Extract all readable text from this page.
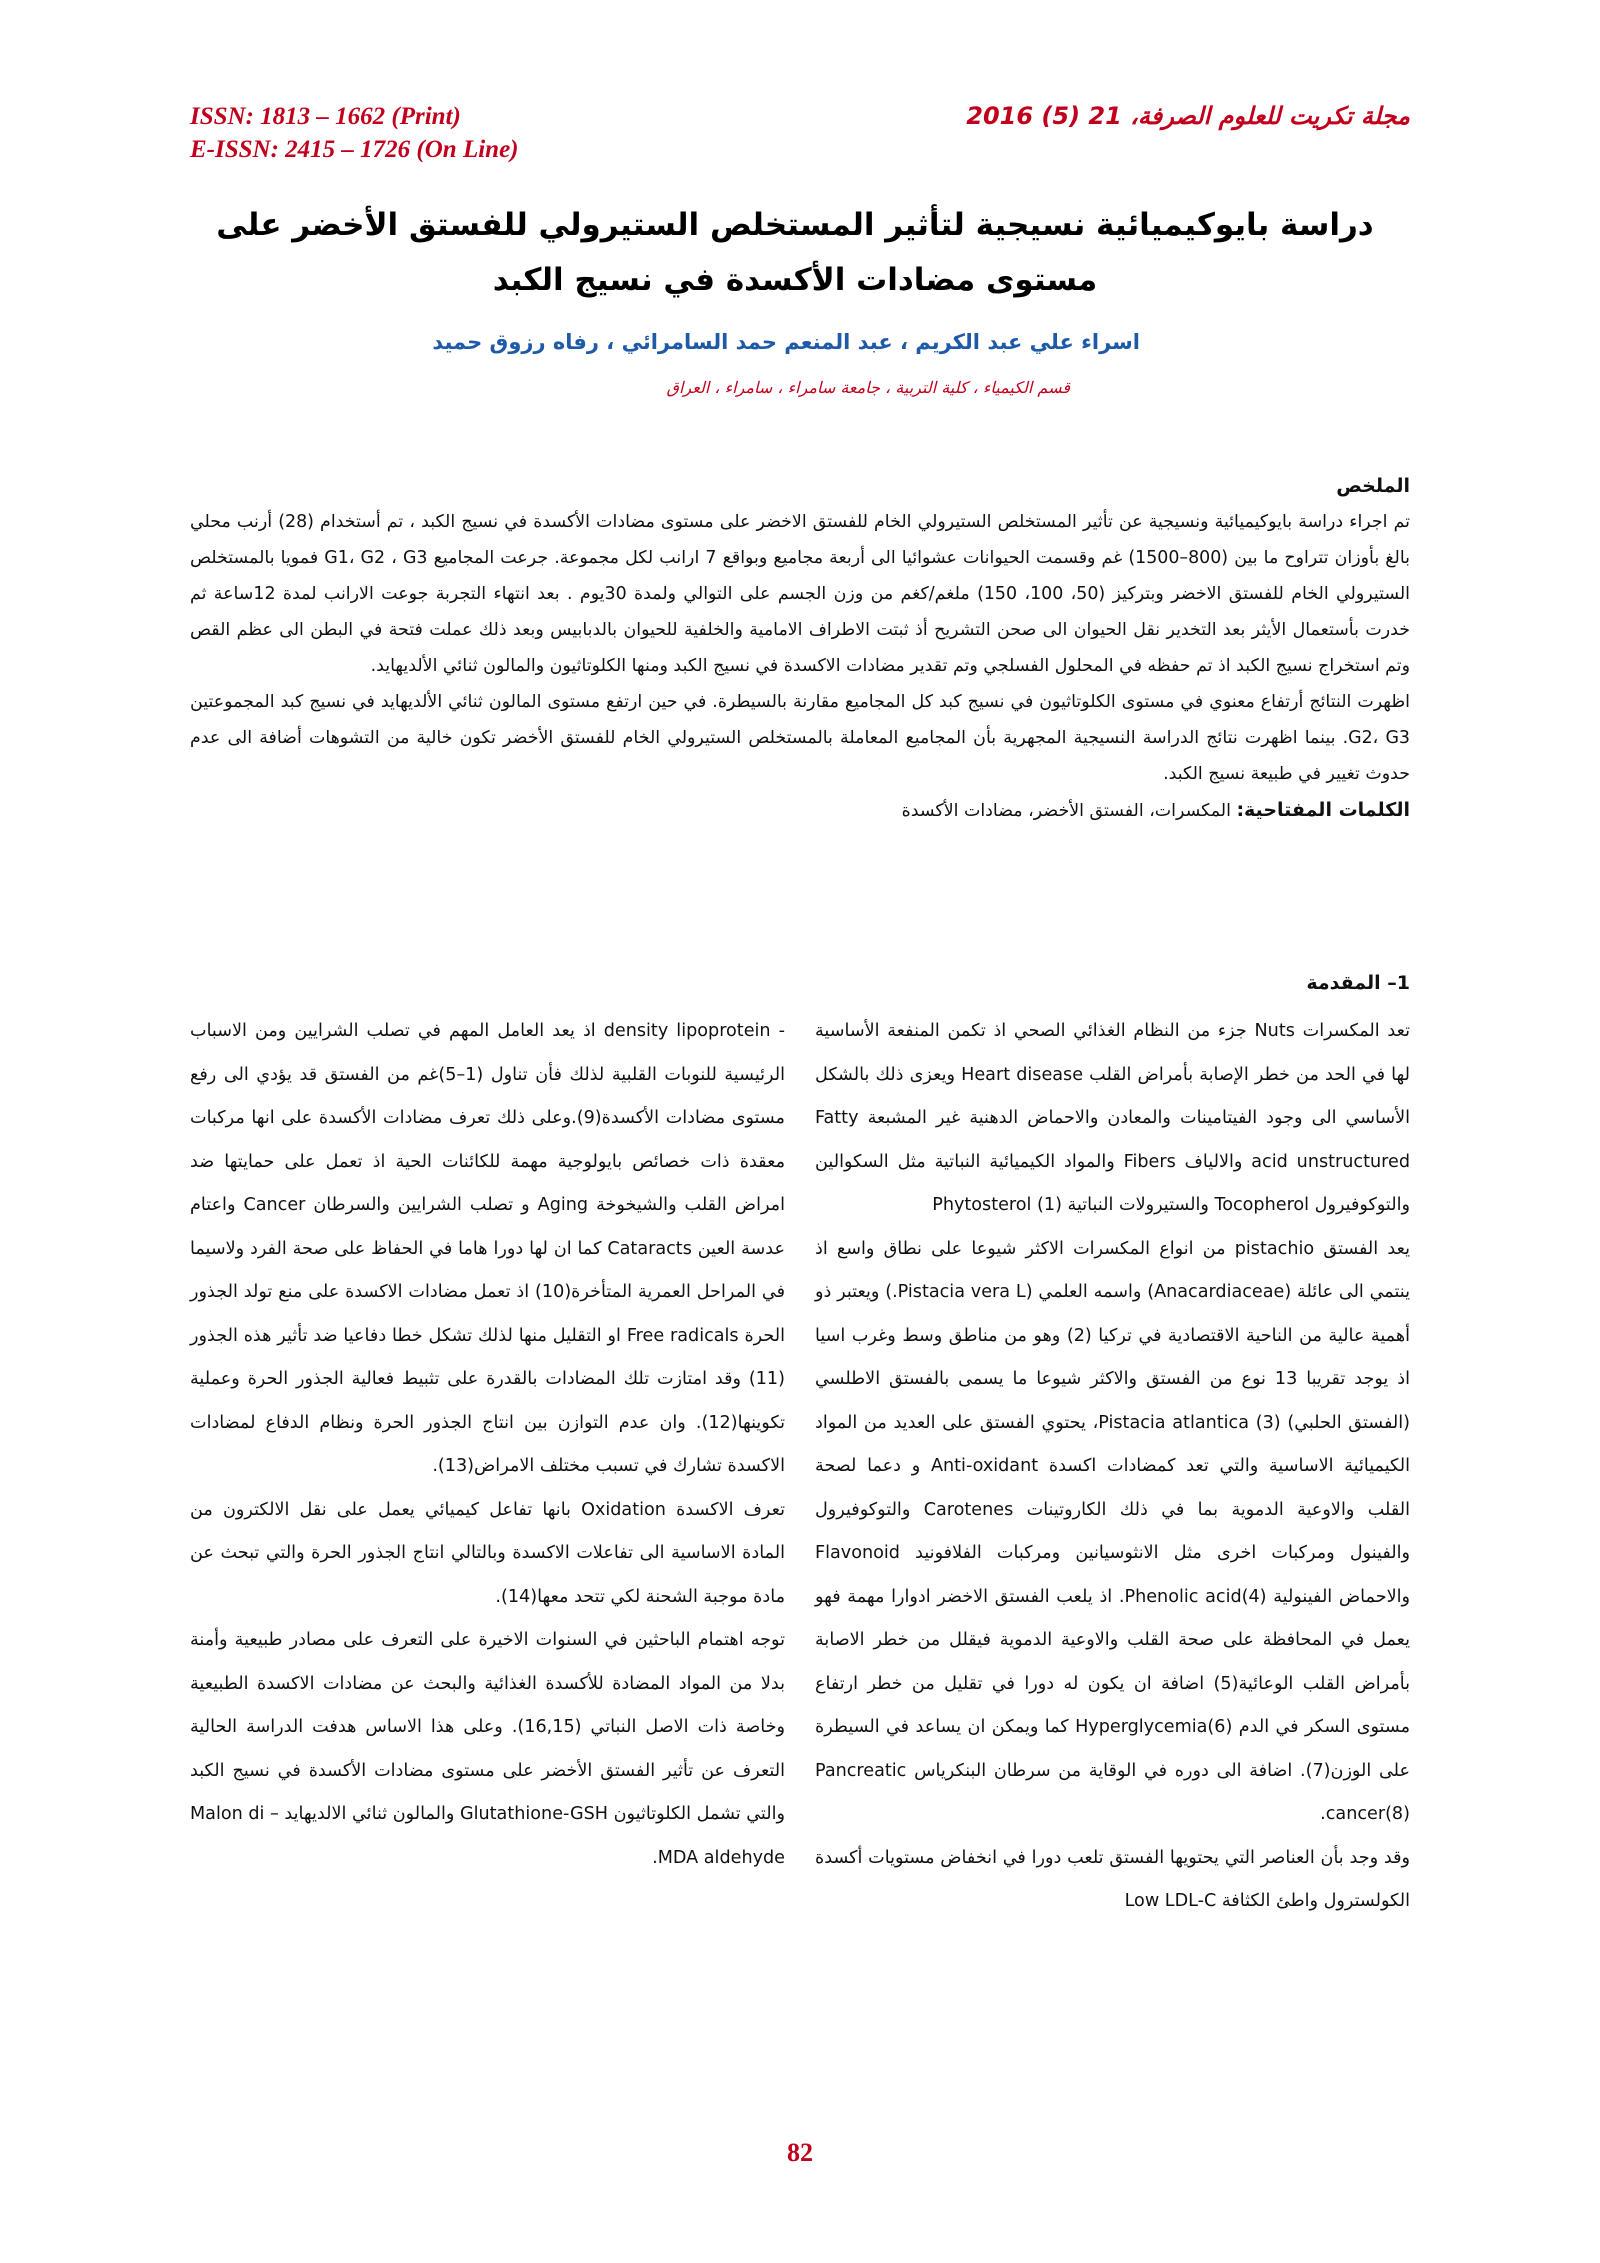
ISSN: 1813 – 1662 (Print)
E-ISSN: 2415 – 1726 (On Line)
مجلة تكريت للعلوم الصرفة، 21 (5) 2016
دراسة بايوكيميائية نسيجية لتأثير المستخلص الستيرولي للفستق الأخضر على مستوى مضادات الأكسدة في نسيج الكبد
اسراء علي عبد الكريم ، عبد المنعم حمد السامرائي ، رفاه رزوق حميد
قسم الكيمياء ، كلية التربية ، جامعة سامراء ، سامراء ، العراق
الملخص

تم اجراء دراسة بايوكيميائية ونسيجية عن تأثير المستخلص الستيرولي الخام للفستق الاخضر على مستوى مضادات الأكسدة في نسيج الكبد ، تم أستخدام (28) أرنب محلي بالغ بأوزان تتراوح ما بين (800–1500) غم وقسمت الحيوانات عشوائيا الى أربعة مجاميع وبواقع 7 ارانب لكل مجموعة. جرعت المجاميع G1، G2 ، G3 فمويا بالمستخلص الستيرولي الخام للفستق الاخضر وبتركيز (50، 100، 150) ملغم/كغم من وزن الجسم على التوالي ولمدة 30يوم . بعد انتهاء التجربة جوعت الارانب لمدة 12ساعة ثم خدرت بأستعمال الأيثر بعد التخدير نقل الحيوان الى صحن التشريح أذ ثبتت الاطراف الامامية والخلفية للحيوان بالدبابيس وبعد ذلك عملت فتحة في البطن الى عظم القص وتم استخراج نسيج الكبد اذ تم حفظه في المحلول الفسلجي وتم تقدير مضادات الاكسدة في نسيج الكبد ومنها الكلوتاثيون والمالون ثنائي الألديهايد.

اظهرت النتائج أرتفاع معنوي في مستوى الكلوتاثيون في نسيج كبد كل المجاميع مقارنة بالسيطرة. في حين ارتفع مستوى المالون ثنائي الألديهايد في نسيج كبد المجموعتين G2، G3. بينما اظهرت نتائج الدراسة النسيجية المجهرية بأن المجاميع المعاملة بالمستخلص الستيرولي الخام للفستق الأخضر تكون خالية من التشوهات أضافة الى عدم حدوث تغيير في طبيعة نسيج الكبد.

الكلمات المفتاحية: المكسرات، الفستق الأخضر، مضادات الأكسدة

1– المقدمة

تعد المكسرات Nuts جزء من النظام الغذائي الصحي اذ تكمن المنفعة الأساسية لها في الحد من خطر الإصابة بأمراض القلب Heart disease ويعزى ذلك بالشكل الأساسي الى وجود الفيتامينات والمعادن والاحماض الدهنية غير المشبعة Fatty acid unstructured والالياف Fibers والمواد الكيميائية النباتية مثل السكوالين والتوكوفيرول Tocopherol والستيرولات النباتية Phytosterol (1)

يعد الفستق pistachio من انواع المكسرات الاكثر شيوعا على نطاق واسع اذ ينتمي الى عائلة (Anacardiaceae) واسمه العلمي (Pistacia vera L.) ويعتبر ذو أهمية عالية من الناحية الاقتصادية في تركيا (2) وهو من مناطق وسط وغرب اسيا اذ يوجد تقريبا 13 نوع من الفستق والاكثر شيوعا ما يسمى بالفستق الاطلسي (الفستق الحلبي) Pistacia atlantica (3)، يحتوي الفستق على العديد من المواد الكيميائية الاساسية والتي تعد كمضادات اكسدة Anti-oxidant و دعما لصحة القلب والاوعية الدموية بما في ذلك الكاروتينات Carotenes والتوكوفيرول والفينول ومركبات اخرى مثل الانثوسيانين ومركبات الفلافونيد Flavonoid والاحماض الفينولية Phenolic acid(4). اذ يلعب الفستق الاخضر ادوارا مهمة فهو يعمل في المحافظة على صحة القلب والاوعية الدموية فيقلل من خطر الاصابة بأمراض القلب الوعائية(5) اضافة ان يكون له دورا في تقليل من خطر ارتفاع مستوى السكر في الدم Hyperglycemia(6) كما ويمكن ان يساعد في السيطرة على الوزن(7). اضافة الى دوره في الوقاية من سرطان البنكرياس Pancreatic cancer(8).

وقد وجد بأن العناصر التي يحتويها الفستق تلعب دورا في انخفاض مستويات أكسدة الكولسترول واطئ الكثافة Low LDL-C

- density lipoprotein اذ يعد العامل المهم في تصلب الشرايين ومن الاسباب الرئيسية للنوبات القلبية لذلك فأن تناول (1–5)غم من الفستق قد يؤدي الى رفع مستوى مضادات الأكسدة(9).وعلى ذلك تعرف مضادات الأكسدة على انها مركبات معقدة ذات خصائص بايولوجية مهمة للكائنات الحية اذ تعمل على حمايتها ضد امراض القلب والشيخوخة Aging و تصلب الشرايين والسرطان Cancer واعتام عدسة العين Cataracts كما ان لها دورا هاما في الحفاظ على صحة الفرد ولاسيما في المراحل العمرية المتأخرة(10) اذ تعمل مضادات الاكسدة على منع تولد الجذور الحرة Free radicals او التقليل منها لذلك تشكل خطا دفاعيا ضد تأثير هذه الجذور (11) وقد امتازت تلك المضادات بالقدرة على تثبيط فعالية الجذور الحرة وعملية تكوينها(12). وان عدم التوازن بين انتاج الجذور الحرة ونظام الدفاع لمضادات الاكسدة تشارك في تسبب مختلف الامراض(13).

تعرف الاكسدة Oxidation بانها تفاعل كيميائي يعمل على نقل الالكترون من المادة الاساسية الى تفاعلات الاكسدة وبالتالي انتاج الجذور الحرة والتي تبحث عن مادة موجبة الشحنة لكي تتحد معها(14).

توجه اهتمام الباحثين في السنوات الاخيرة على التعرف على مصادر طبيعية وأمنة بدلا من المواد المضادة للأكسدة الغذائية والبحث عن مضادات الاكسدة الطبيعية وخاصة ذات الاصل النباتي (16,15). وعلى هذا الاساس هدفت الدراسة الحالية التعرف عن تأثير الفستق الأخضر على مستوى مضادات الأكسدة في نسيج الكبد والتي تشمل الكلوتاثيون Glutathione-GSH والمالون ثنائي الالديهايد Malon di –MDA aldehyde.

82
